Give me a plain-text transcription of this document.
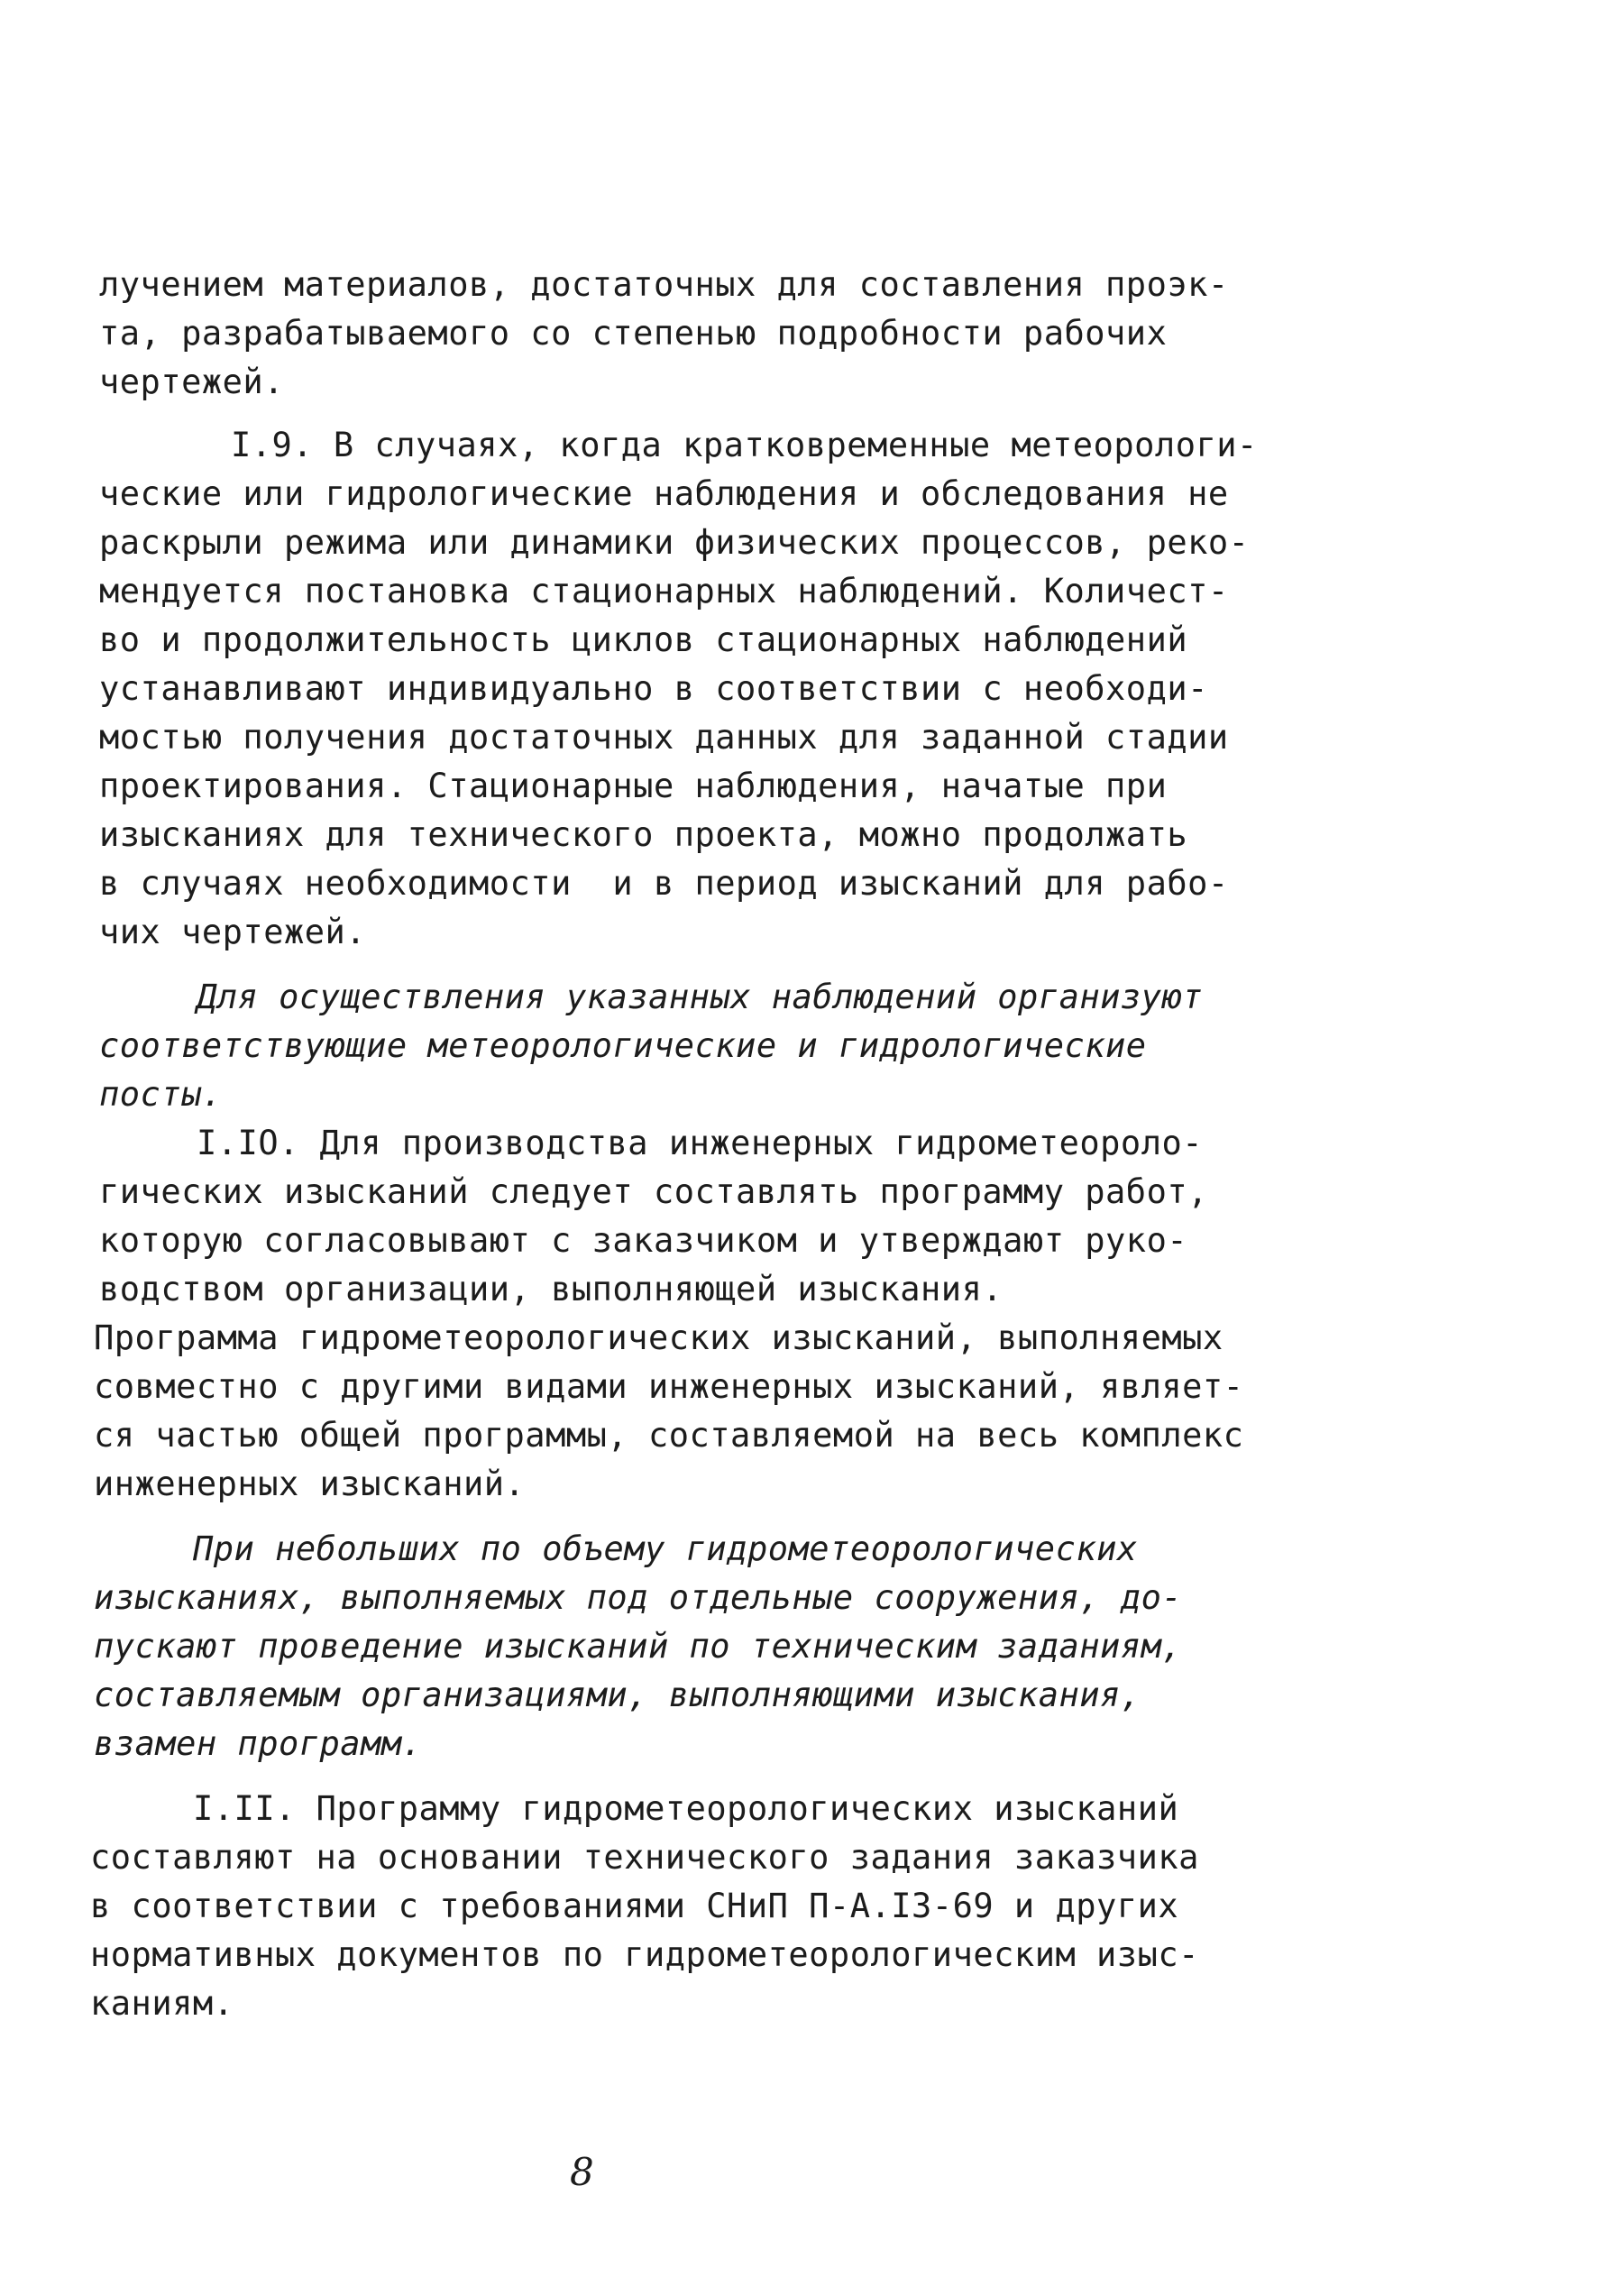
лучением материалов, достаточных для составления проэк-

та, разрабатываемого со степенью подробности рабочих

чертежей.

I.9. В случаях, когда кратковременные метеорологи-

ческие или гидрологические наблюдения и обследования не

раскрыли режима или динамики физических процессов, реко-

мендуется постановка стационарных наблюдений. Количест-

во и продолжительность циклов стационарных наблюдений

устанавливают индивидуально в соответствии с необходи-

мостью получения достаточных данных для заданной стадии

проектирования. Стационарные наблюдения, начатые при

изысканиях для технического проекта, можно продолжать

в случаях необходимости  и в период изысканий для рабо-

чих чертежей.

Для осуществления указанных наблюдений организуют

соответствующие метеорологические и гидрологические

посты.

I.IO. Для производства инженерных гидрометеороло-

гических изысканий следует составлять программу работ,

которую согласовывают с заказчиком и утверждают руко-

водством организации, выполняющей изыскания.

Программа гидрометеорологических изысканий, выполняемых

совместно с другими видами инженерных изысканий, являет-

ся частью общей программы, составляемой на весь комплекс

инженерных изысканий.

При небольших по объему гидрометеорологических

изысканиях, выполняемых под отдельные сооружения, до-

пускают проведение изысканий по техническим заданиям,

составляемым организациями, выполняющими изыскания,

взамен программ.

I.II. Программу гидрометеорологических изысканий

составляют на основании технического задания заказчика

в соответствии с требованиями СНиП П-А.I3-69 и других

нормативных документов по гидрометеорологическим изыс-

каниям.

8
